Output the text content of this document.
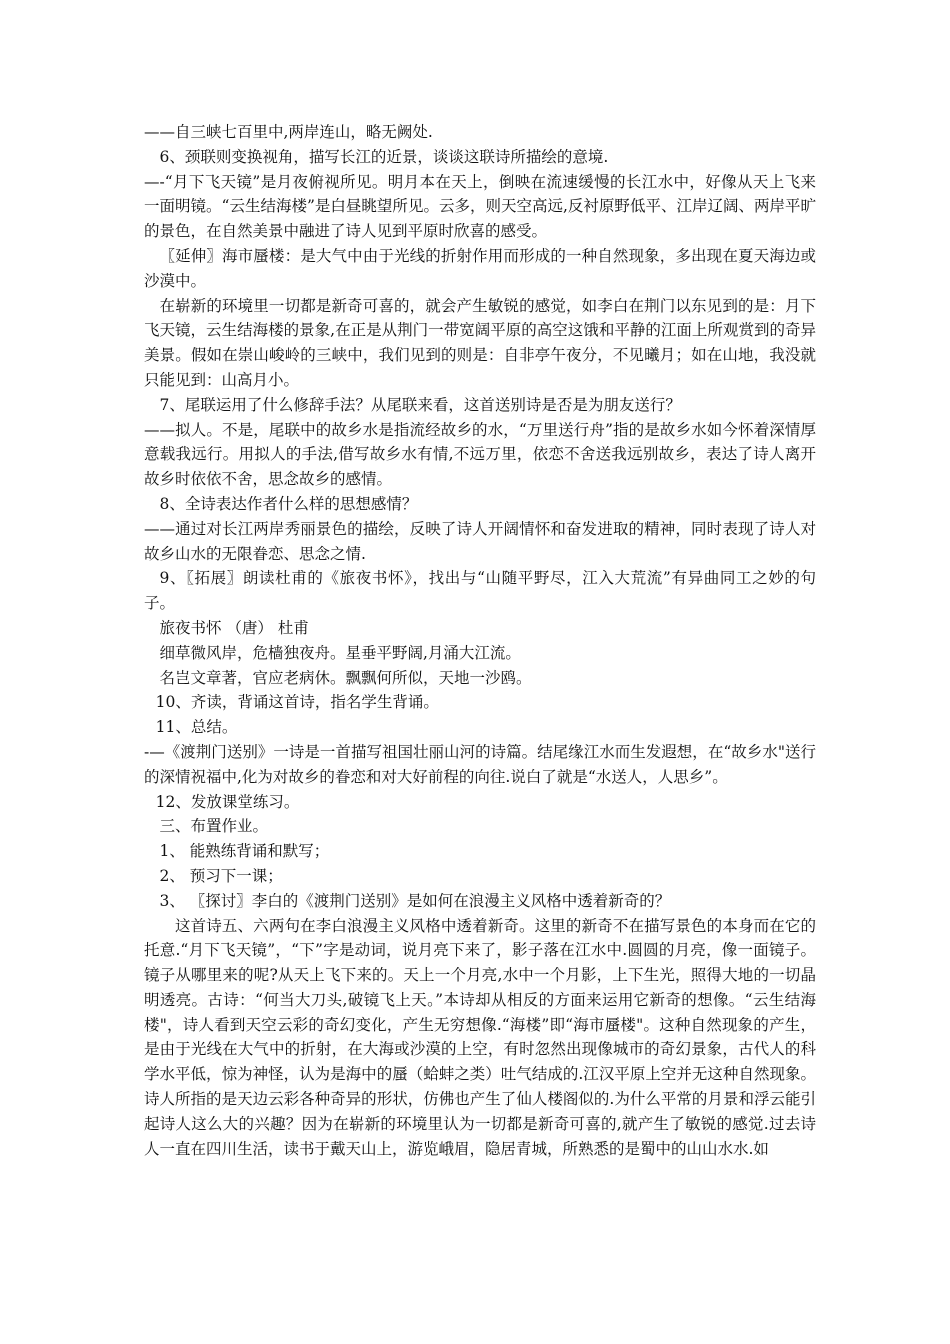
——自三峡七百里中,两岸连山，略无阙处.

6、颈联则变换视角，描写长江的近景，谈谈这联诗所描绘的意境.

—-“月下飞天镜”是月夜俯视所见。明月本在天上，倒映在流速缓慢的长江水中，好像从天上飞来一面明镜。“云生结海楼”是白昼眺望所见。云多，则天空高远,反衬原野低平、江岸辽阔、两岸平旷的景色，在自然美景中融进了诗人见到平原时欣喜的感受。

〖延伸〗海市蜃楼：是大气中由于光线的折射作用而形成的一种自然现象，多出现在夏天海边或沙漠中。

在崭新的环境里一切都是新奇可喜的，就会产生敏锐的感觉，如李白在荆门以东见到的是：月下飞天镜，云生结海楼的景象,在正是从荆门一带宽阔平原的高空这饿和平静的江面上所观赏到的奇异美景。假如在崇山峻岭的三峡中，我们见到的则是：自非亭午夜分，不见曦月；如在山地，我没就只能见到：山高月小。

7、尾联运用了什么修辞手法？从尾联来看，这首送别诗是否是为朋友送行？

——拟人。不是，尾联中的故乡水是指流经故乡的水，“万里送行舟”指的是故乡水如今怀着深情厚意载我远行。用拟人的手法,借写故乡水有情,不远万里，依恋不舍送我远别故乡，表达了诗人离开故乡时依依不舍，思念故乡的感情。

8、全诗表达作者什么样的思想感情？

——通过对长江两岸秀丽景色的描绘，反映了诗人开阔情怀和奋发进取的精神，同时表现了诗人对故乡山水的无限眷恋、思念之情.

9、〖拓展〗朗读杜甫的《旅夜书怀》，找出与“山随平野尽，江入大荒流”有异曲同工之妙的句子。

旅夜书怀 （唐） 杜甫

细草微风岸，危樯独夜舟。星垂平野阔,月涌大江流。

名岂文章著，官应老病休。飘飘何所似，天地一沙鸥。

10、齐读，背诵这首诗，指名学生背诵。

11、总结。

-—《渡荆门送别》一诗是一首描写祖国壮丽山河的诗篇。结尾缘江水而生发遐想，在“故乡水"送行的深情祝福中,化为对故乡的眷恋和对大好前程的向往.说白了就是“水送人，人思乡”。

12、发放课堂练习。

三、布置作业。

1、 能熟练背诵和默写；

2、 预习下一课；

3、 〖探讨〗李白的《渡荆门送别》是如何在浪漫主义风格中透着新奇的？

这首诗五、六两句在李白浪漫主义风格中透着新奇。这里的新奇不在描写景色的本身而在它的托意.“月下飞天镜”，“下”字是动词，说月亮下来了，影子落在江水中.圆圆的月亮，像一面镜子。镜子从哪里来的呢?从天上飞下来的。天上一个月亮,水中一个月影，上下生光，照得大地的一切晶明透亮。古诗：“何当大刀头,破镜飞上天。”本诗却从相反的方面来运用它新奇的想像。“云生结海楼"，诗人看到天空云彩的奇幻变化，产生无穷想像.“海楼”即“海市蜃楼"。这种自然现象的产生，是由于光线在大气中的折射，在大海或沙漠的上空，有时忽然出现像城市的奇幻景象，古代人的科学水平低，惊为神怪，认为是海中的蜃（蛤蚌之类）吐气结成的.江汉平原上空并无这种自然现象。诗人所指的是天边云彩各种奇异的形状，仿佛也产生了仙人楼阁似的.为什么平常的月景和浮云能引起诗人这么大的兴趣？因为在崭新的环境里认为一切都是新奇可喜的,就产生了敏锐的感觉.过去诗人一直在四川生活，读书于戴天山上，游览峨眉，隐居青城，所熟悉的是蜀中的山山水水.如
